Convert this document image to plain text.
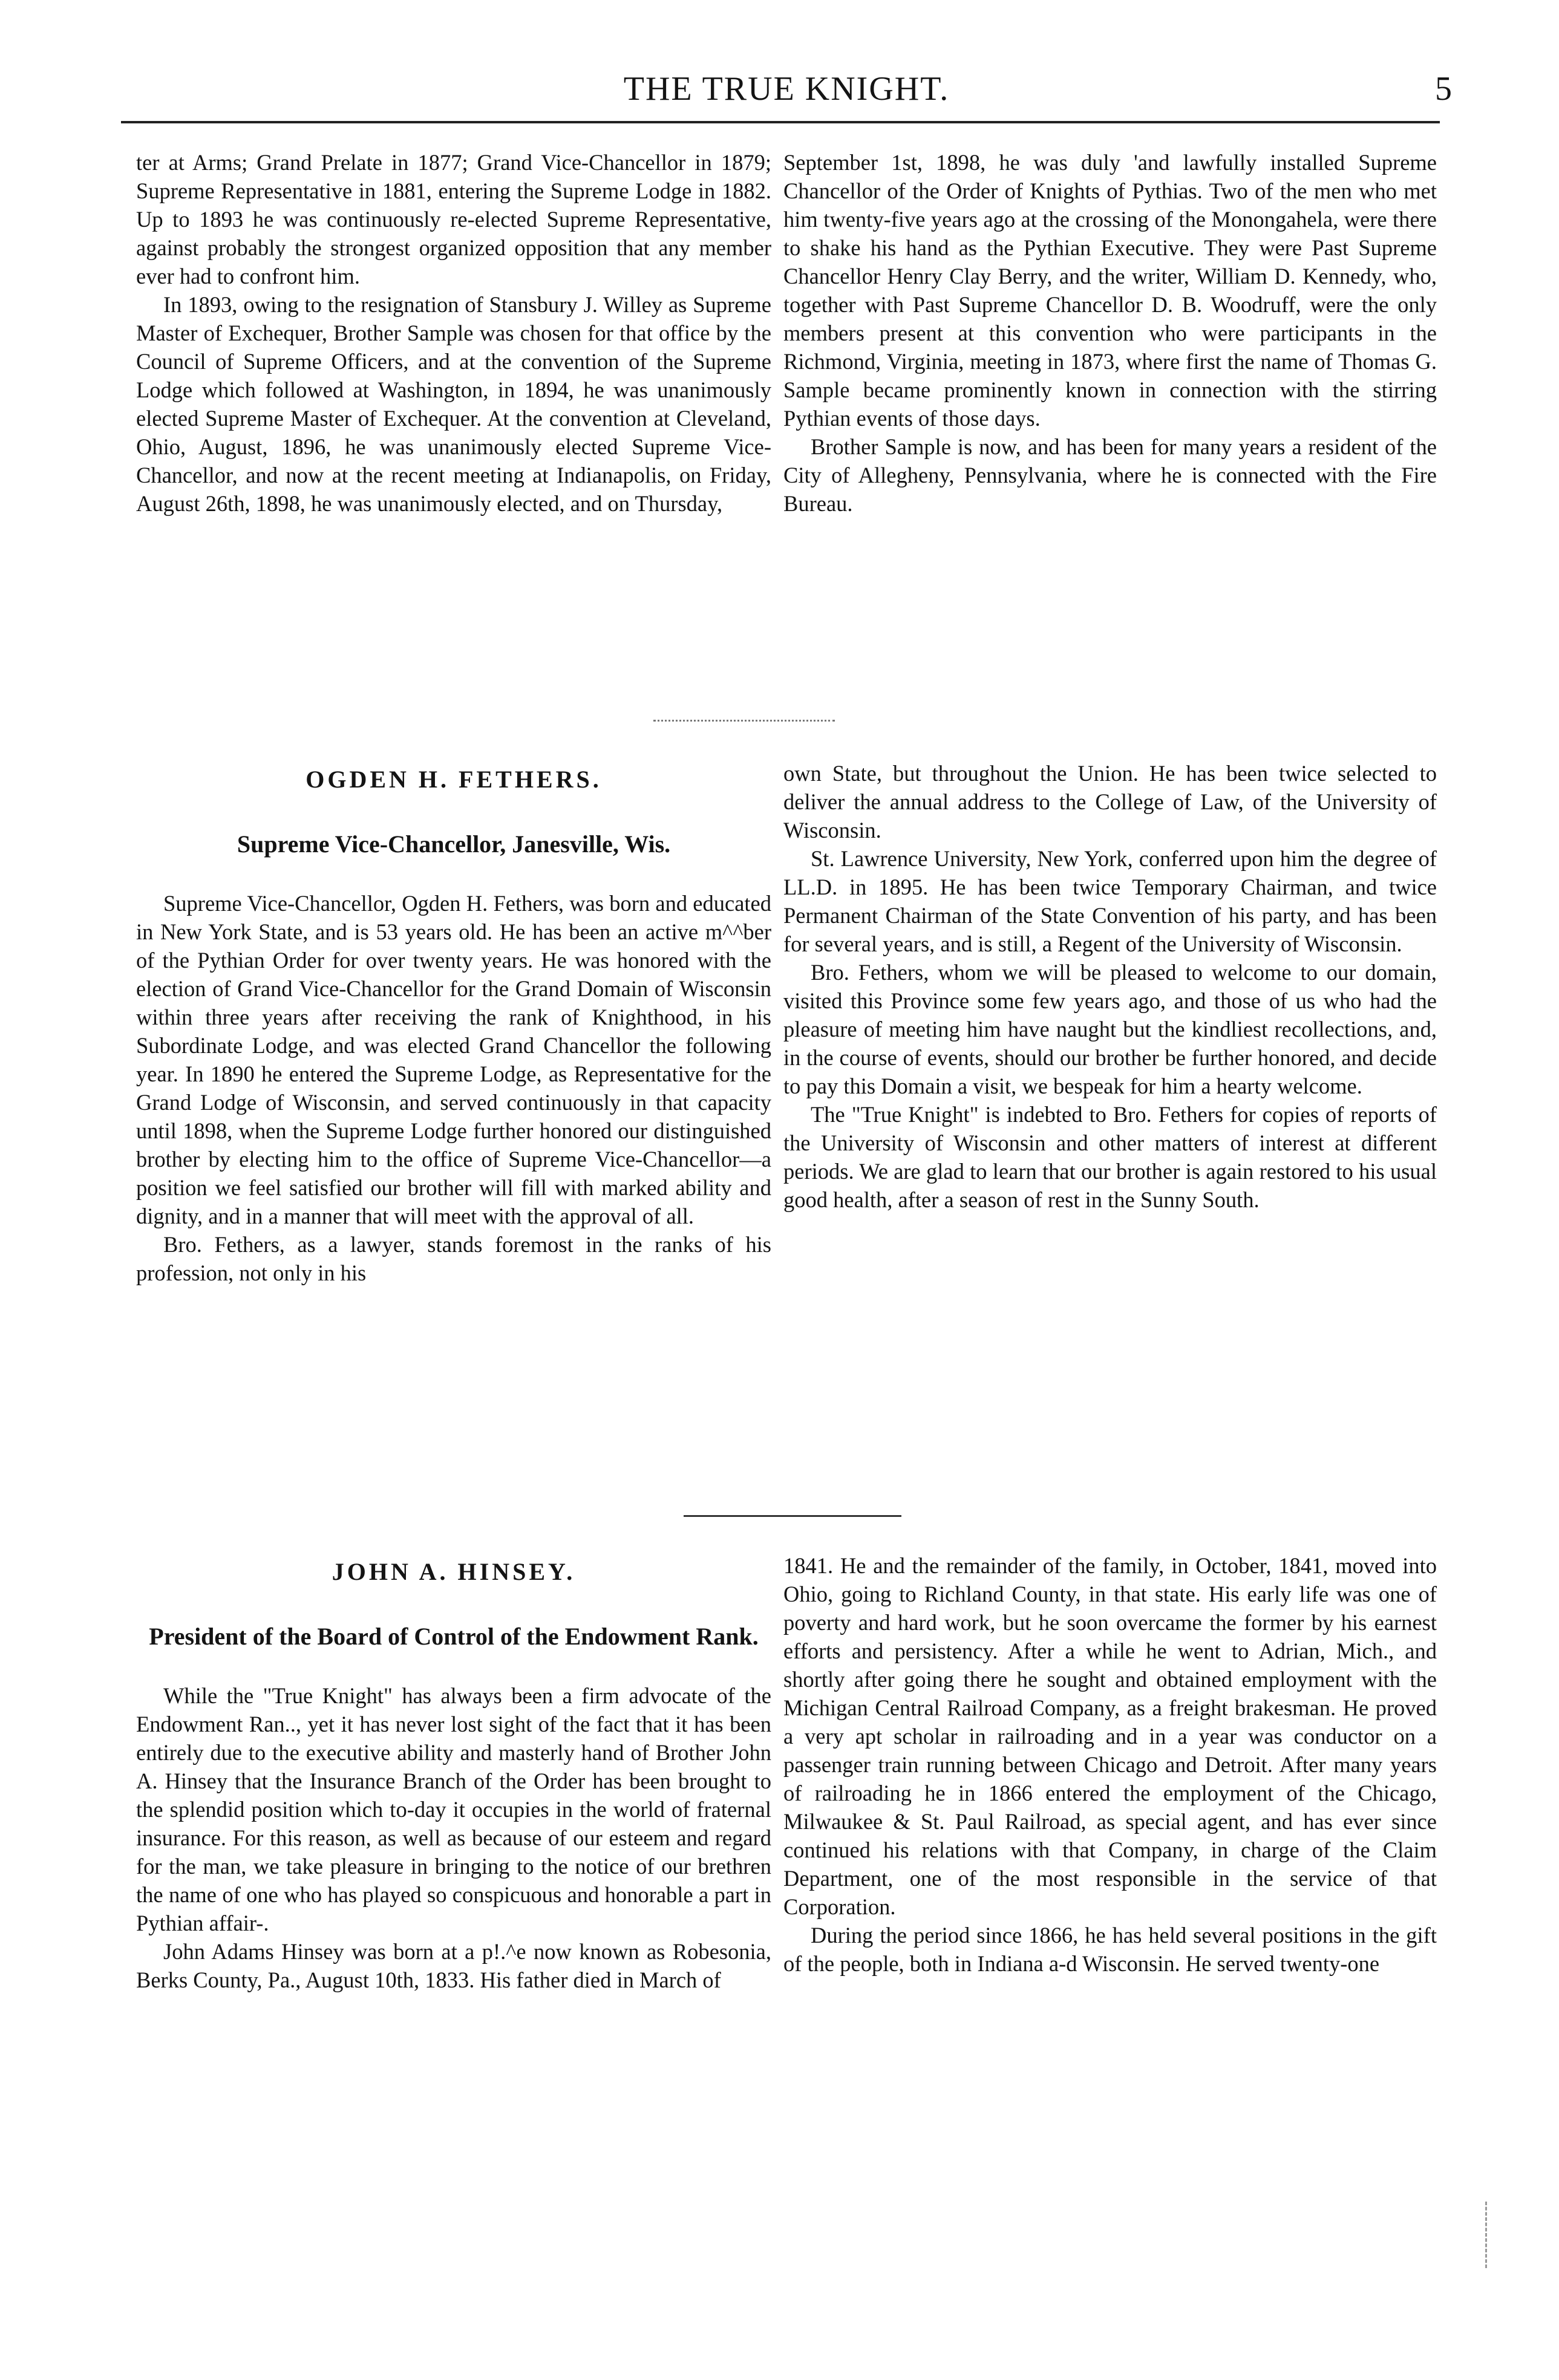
THE TRUE KNIGHT.	5

ter at Arms; Grand Prelate in 1877; Grand Vice-Chancellor in 1879; Supreme Representative in 1881, entering the Supreme Lodge in 1882. Up to 1893 he was continuously re-elected Supreme Representative, against probably the strongest organized opposition that any member ever had to confront him.

In 1893, owing to the resignation of Stansbury J. Willey as Supreme Master of Exchequer, Brother Sample was chosen for that office by the Council of Supreme Officers, and at the convention of the Supreme Lodge which followed at Washington, in 1894, he was unanimously elected Supreme Master of Exchequer. At the convention at Cleveland, Ohio, August, 1896, he was unanimously elected Supreme Vice-Chancellor, and now at the recent meeting at Indianapolis, on Friday, August 26th, 1898, he was unanimously elected, and on Thursday,

September 1st, 1898, he was duly 'and lawfully installed Supreme Chancellor of the Order of Knights of Pythias. Two of the men who met him twenty-five years ago at the crossing of the Monongahela, were there to shake his hand as the Pythian Executive. They were Past Supreme Chancellor Henry Clay Berry, and the writer, William D. Kennedy, who, together with Past Supreme Chancellor D. B. Woodruff, were the only members present at this convention who were participants in the Richmond, Virginia, meeting in 1873, where first the name of Thomas G. Sample became prominently known in connection with the stirring Pythian events of those days.

Brother Sample is now, and has been for many years a resident of the City of Allegheny, Pennsylvania, where he is connected with the Fire Bureau.

OGDEN H. FETHERS.
Supreme Vice-Chancellor, Janesville, Wis.

Supreme Vice-Chancellor, Ogden H. Fethers, was born and educated in New York State, and is 53 years old. He has been an active m^^ber of the Pythian Order for over twenty years. He was honored with the election of Grand Vice-Chancellor for the Grand Domain of Wisconsin within three years after receiving the rank of Knighthood, in his Subordinate Lodge, and was elected Grand Chancellor the following year. In 1890 he entered the Supreme Lodge, as Representative for the Grand Lodge of Wisconsin, and served continuously in that capacity until 1898, when the Supreme Lodge further honored our distinguished brother by electing him to the office of Supreme Vice-Chancellor—a position we feel satisfied our brother will fill with marked ability and dignity, and in a manner that will meet with the approval of all.

Bro. Fethers, as a lawyer, stands foremost in the ranks of his profession, not only in his

own State, but throughout the Union. He has been twice selected to deliver the annual address to the College of Law, of the University of Wisconsin.

St. Lawrence University, New York, conferred upon him the degree of LL.D. in 1895. He has been twice Temporary Chairman, and twice Permanent Chairman of the State Convention of his party, and has been for several years, and is still, a Regent of the University of Wisconsin.

Bro. Fethers, whom we will be pleased to welcome to our domain, visited this Province some few years ago, and those of us who had the pleasure of meeting him have naught but the kindliest recollections, and, in the course of events, should our brother be further honored, and decide to pay this Domain a visit, we bespeak for him a hearty welcome.

The "True Knight" is indebted to Bro. Fethers for copies of reports of the University of Wisconsin and other matters of interest at different periods. We are glad to learn that our brother is again restored to his usual good health, after a season of rest in the Sunny South.

JOHN A. HINSEY.
President of the Board of Control of the Endowment Rank.

While the "True Knight" has always been a firm advocate of the Endowment Ran.., yet it has never lost sight of the fact that it has been entirely due to the executive ability and masterly hand of Brother John A. Hinsey that the Insurance Branch of the Order has been brought to the splendid position which to-day it occupies in the world of fraternal insurance. For this reason, as well as because of our esteem and regard for the man, we take pleasure in bringing to the notice of our brethren the name of one who has played so conspicuous and honorable a part in Pythian affair-.

John Adams Hinsey was born at a p!.^e now known as Robesonia, Berks County, Pa., August 10th, 1833. His father died in March of

1841. He and the remainder of the family, in October, 1841, moved into Ohio, going to Richland County, in that state. His early life was one of poverty and hard work, but he soon overcame the former by his earnest efforts and persistency. After a while he went to Adrian, Mich., and shortly after going there he sought and obtained employment with the Michigan Central Railroad Company, as a freight brakesman. He proved a very apt scholar in railroading and in a year was conductor on a passenger train running between Chicago and Detroit. After many years of railroading he in 1866 entered the employment of the Chicago, Milwaukee & St. Paul Railroad, as special agent, and has ever since continued his relations with that Company, in charge of the Claim Department, one of the most responsible in the service of that Corporation.

During the period since 1866, he has held several positions in the gift of the people, both in Indiana a-d Wisconsin. He served twenty-one
